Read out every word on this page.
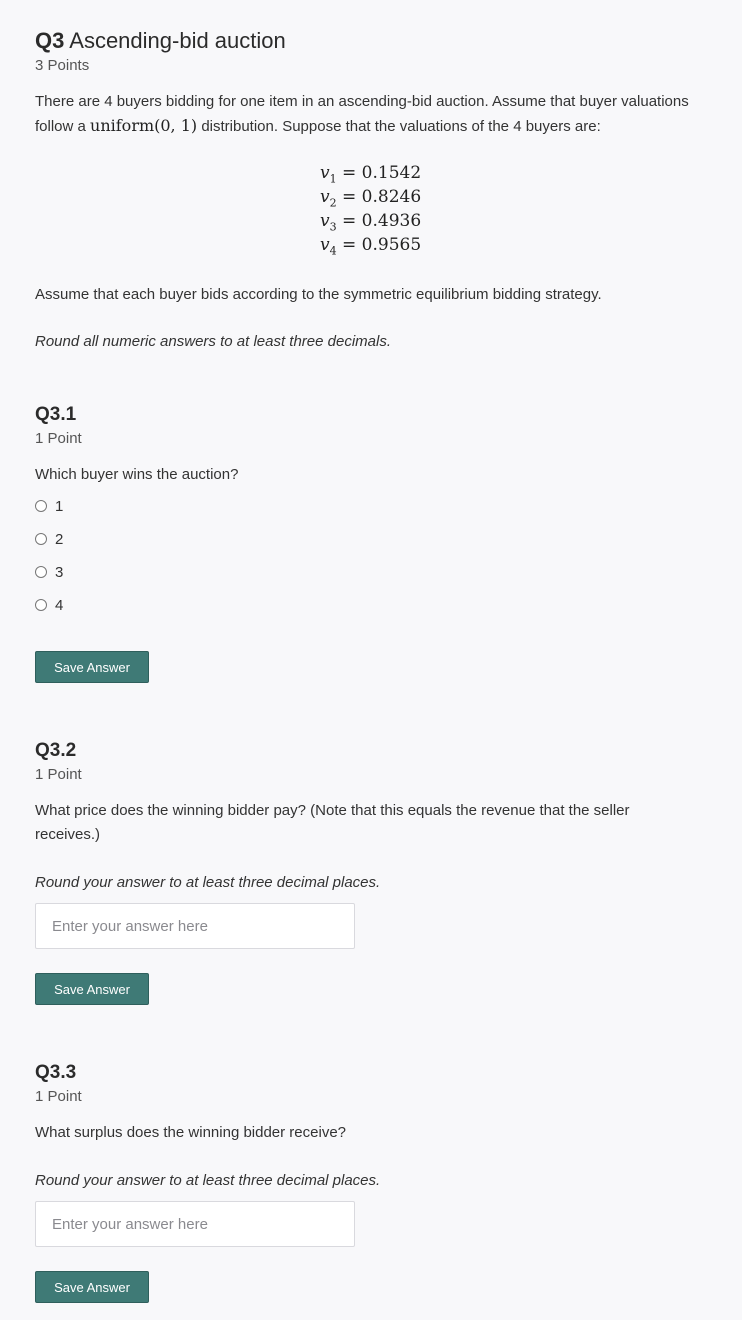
Q3 Ascending-bid auction
3 Points
There are 4 buyers bidding for one item in an ascending-bid auction. Assume that buyer valuations follow a uniform(0, 1) distribution. Suppose that the valuations of the 4 buyers are:
$v_1 = 0.1542$
$v_2 = 0.8246$
$v_3 = 0.4936$
$v_4 = 0.9565$
Assume that each buyer bids according to the symmetric equilibrium bidding strategy.
Round all numeric answers to at least three decimals.
Q3.1
1 Point
Which buyer wins the auction?
1
2
3
4
Save Answer
Q3.2
1 Point
What price does the winning bidder pay? (Note that this equals the revenue that the seller receives.)
Round your answer to at least three decimal places.
Enter your answer here
Save Answer
Q3.3
1 Point
What surplus does the winning bidder receive?
Round your answer to at least three decimal places.
Enter your answer here
Save Answer
